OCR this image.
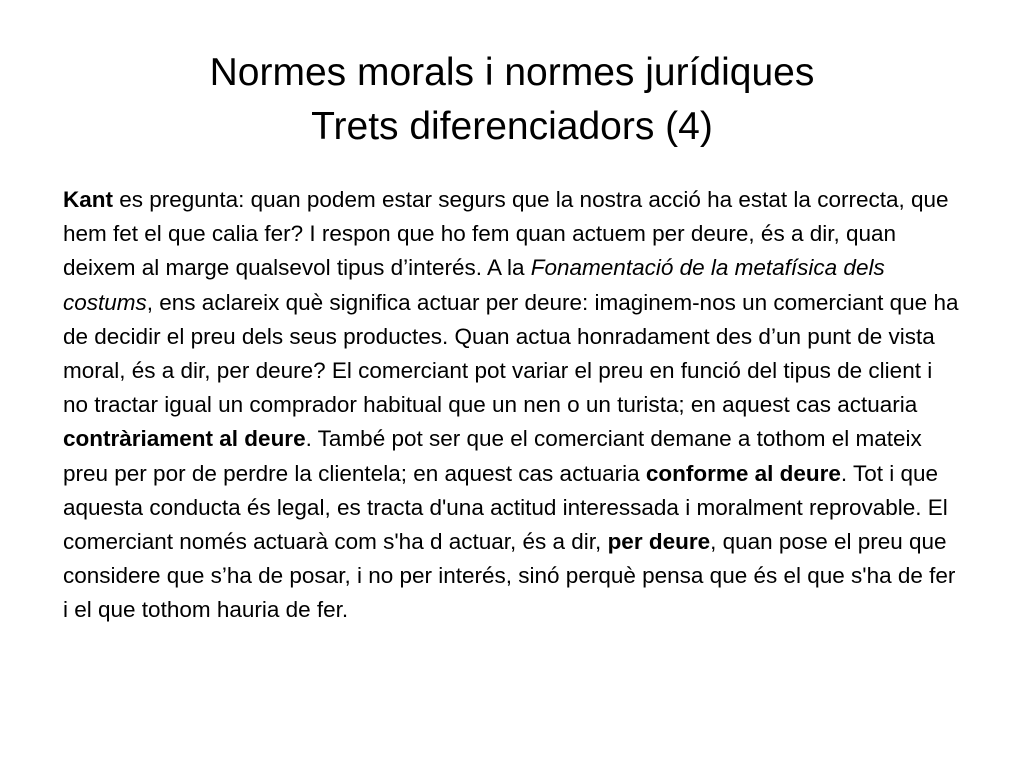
Normes morals i normes jurídiques
Trets diferenciadors (4)

Kant es pregunta: quan podem estar segurs que la nostra acció ha estat la correcta, que hem fet el que calia fer? I respon que ho fem quan actuem per deure, és a dir, quan deixem al marge qualsevol tipus d’interés. A la Fonamentació de la metafísica dels costums, ens aclareix què significa actuar per deure: imaginem-nos un comerciant que ha de decidir el preu dels seus productes. Quan actua honradament des d’un punt de vista moral, és a dir, per deure? El comerciant pot variar el preu en funció del tipus de client i no tractar igual un comprador habitual que un nen o un turista; en aquest cas actuaria contràriament al deure. També pot ser que el comerciant demane a tothom el mateix preu per por de perdre la clientela; en aquest cas actuaria conforme al deure. Tot i que aquesta conducta és legal, es tracta d'una actitud interessada i moralment reprovable. El comerciant només actuarà com s'ha d actuar, és a dir, per deure, quan pose el preu que considere que s’ha de posar, i no per interés, sinó perquè pensa que és el que s'ha de fer i el que tothom hauria de fer.
